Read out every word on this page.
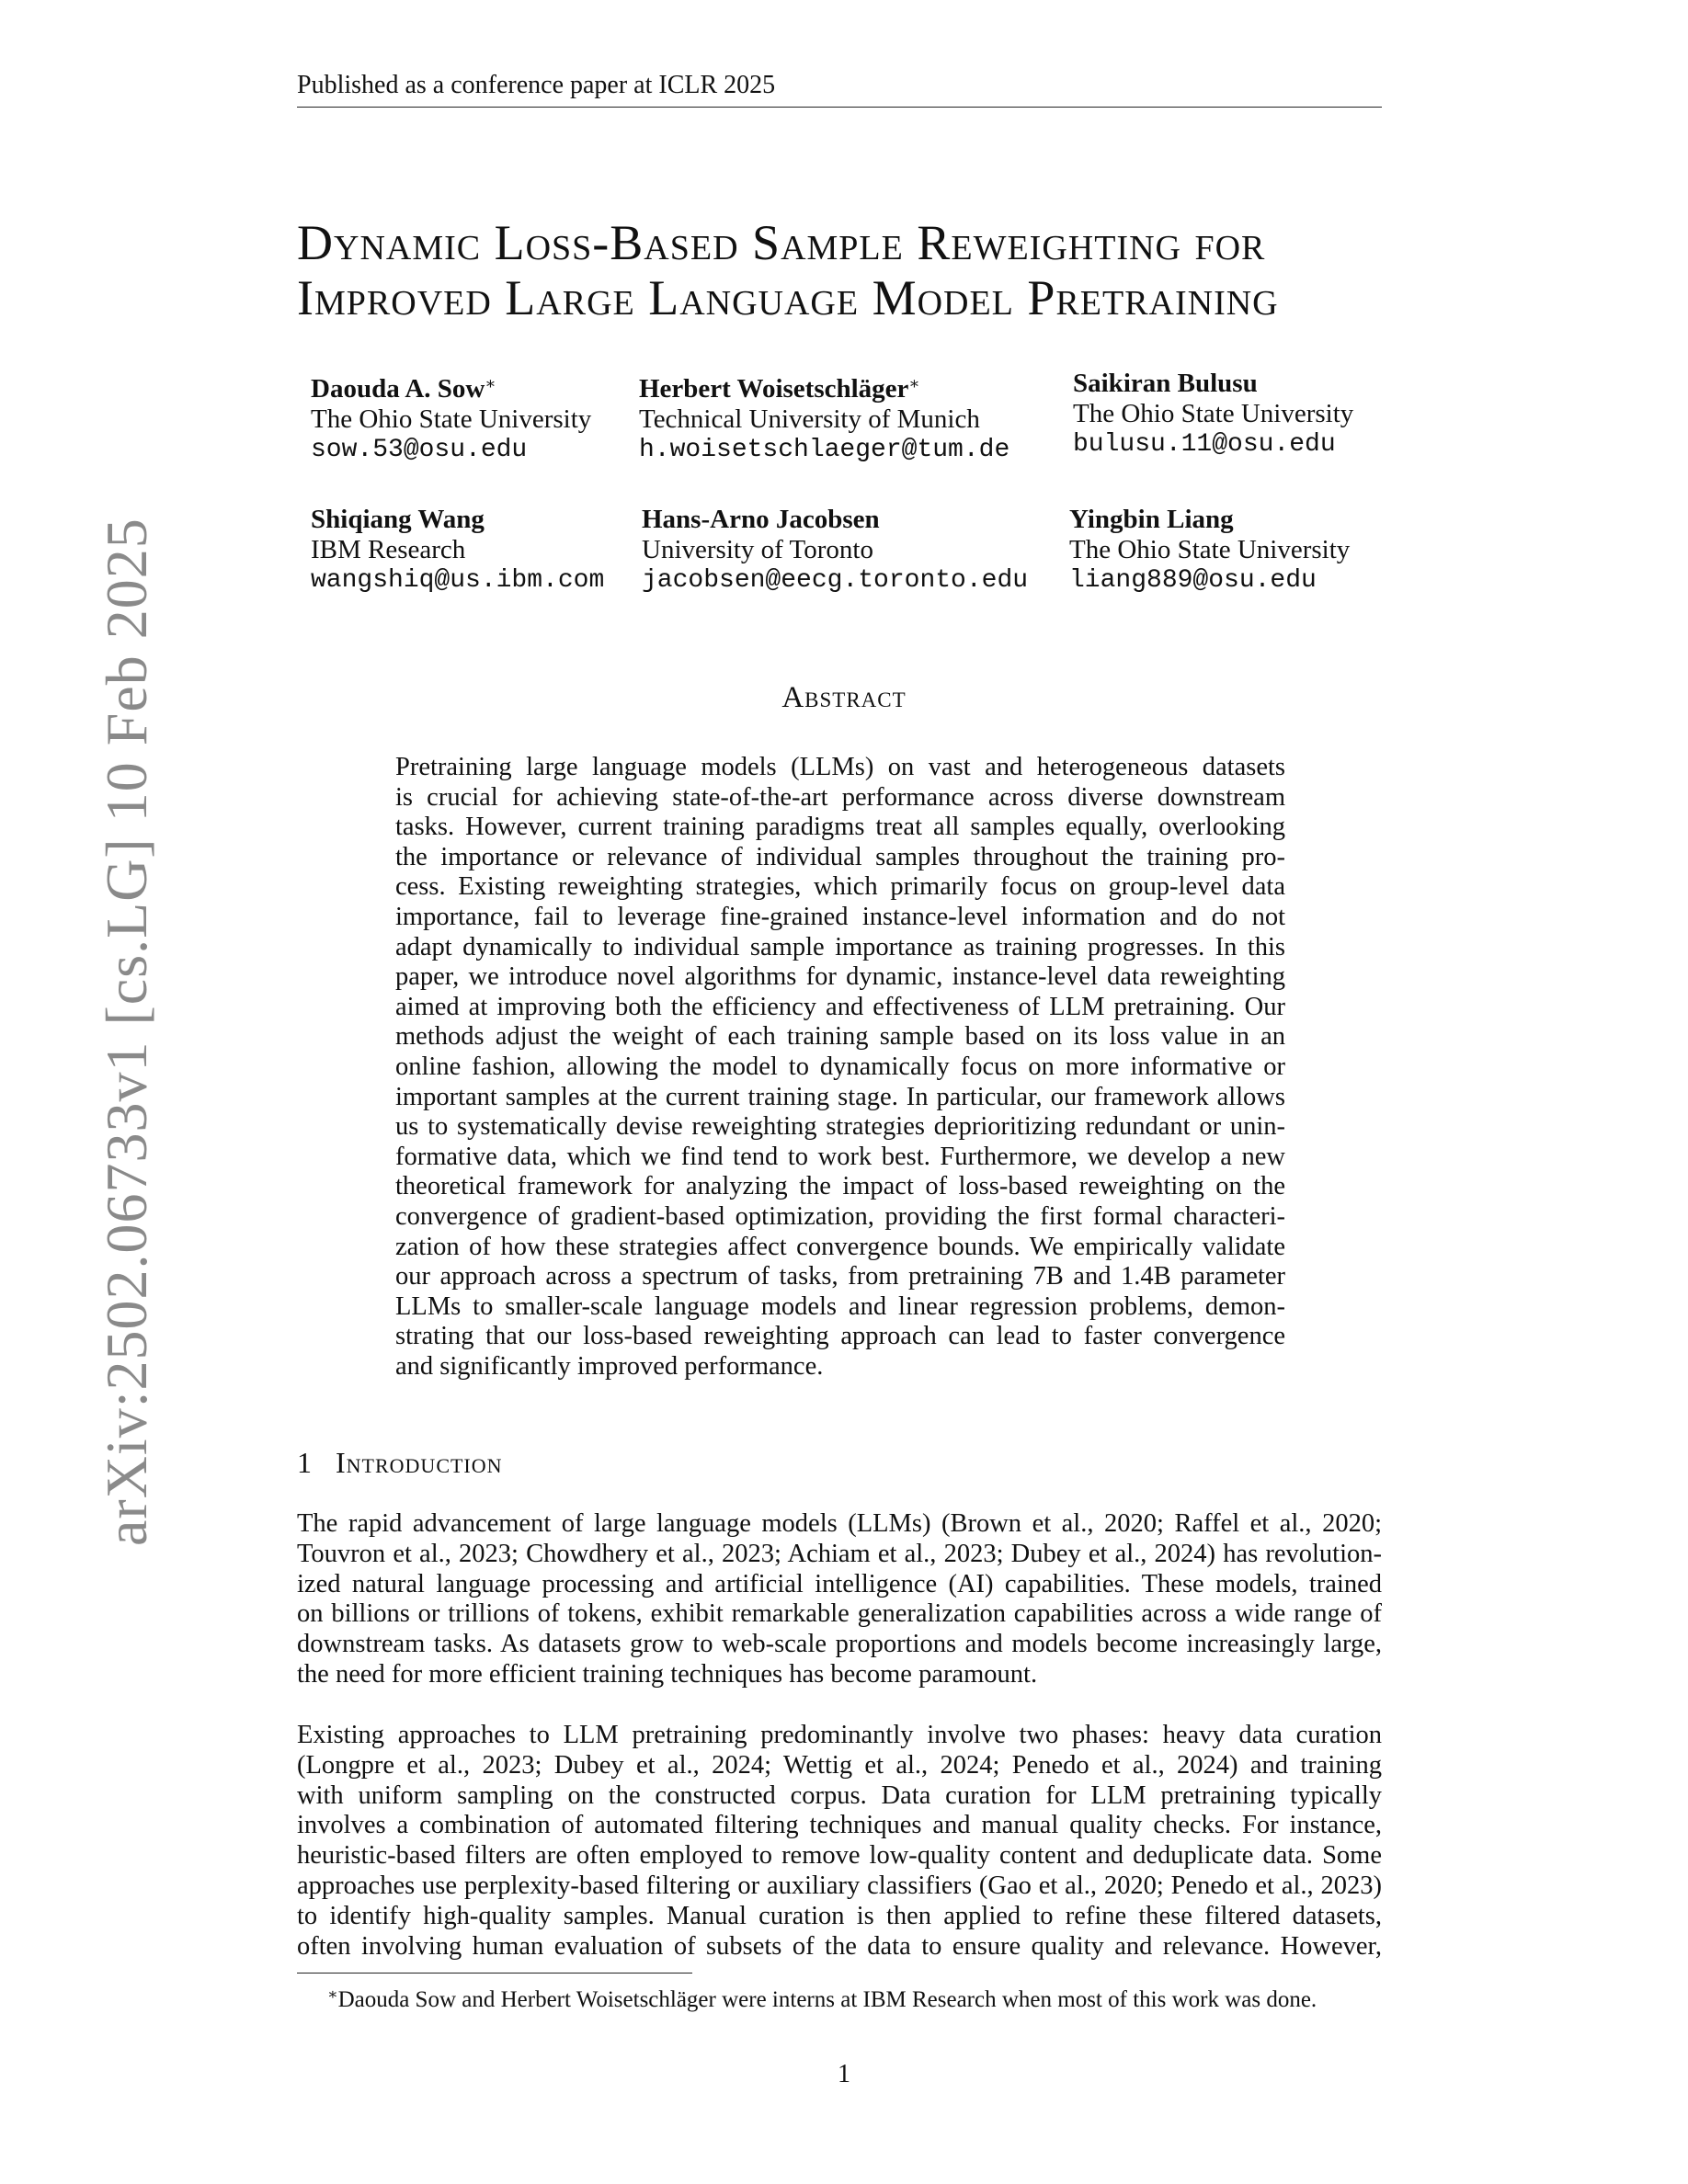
Published as a conference paper at ICLR 2025
arXiv:2502.06733v1 [cs.LG] 10 Feb 2025
Dynamic Loss-Based Sample Reweighting for
Improved Large Language Model Pretraining
Daouda A. Sow∗
The Ohio State University
sow.53@osu.edu
Herbert Woisetschläger∗
Technical University of Munich
h.woisetschlaeger@tum.de
Saikiran Bulusu
The Ohio State University
bulusu.11@osu.edu
Shiqiang Wang
IBM Research
wangshiq@us.ibm.com
Hans-Arno Jacobsen
University of Toronto
jacobsen@eecg.toronto.edu
Yingbin Liang
The Ohio State University
liang889@osu.edu
Abstract
Pretraining large language models (LLMs) on vast and heterogeneous datasets
is crucial for achieving state-of-the-art performance across diverse downstream
tasks. However, current training paradigms treat all samples equally, overlooking
the importance or relevance of individual samples throughout the training pro-
cess. Existing reweighting strategies, which primarily focus on group-level data
importance, fail to leverage fine-grained instance-level information and do not
adapt dynamically to individual sample importance as training progresses. In this
paper, we introduce novel algorithms for dynamic, instance-level data reweighting
aimed at improving both the efficiency and effectiveness of LLM pretraining. Our
methods adjust the weight of each training sample based on its loss value in an
online fashion, allowing the model to dynamically focus on more informative or
important samples at the current training stage. In particular, our framework allows
us to systematically devise reweighting strategies deprioritizing redundant or unin-
formative data, which we find tend to work best. Furthermore, we develop a new
theoretical framework for analyzing the impact of loss-based reweighting on the
convergence of gradient-based optimization, providing the first formal characteri-
zation of how these strategies affect convergence bounds. We empirically validate
our approach across a spectrum of tasks, from pretraining 7B and 1.4B parameter
LLMs to smaller-scale language models and linear regression problems, demon-
strating that our loss-based reweighting approach can lead to faster convergence
and significantly improved performance.
1 Introduction
The rapid advancement of large language models (LLMs) (Brown et al., 2020; Raffel et al., 2020;
Touvron et al., 2023; Chowdhery et al., 2023; Achiam et al., 2023; Dubey et al., 2024) has revolution-
ized natural language processing and artificial intelligence (AI) capabilities. These models, trained
on billions or trillions of tokens, exhibit remarkable generalization capabilities across a wide range of
downstream tasks. As datasets grow to web-scale proportions and models become increasingly large,
the need for more efficient training techniques has become paramount.
Existing approaches to LLM pretraining predominantly involve two phases: heavy data curation
(Longpre et al., 2023; Dubey et al., 2024; Wettig et al., 2024; Penedo et al., 2024) and training
with uniform sampling on the constructed corpus. Data curation for LLM pretraining typically
involves a combination of automated filtering techniques and manual quality checks. For instance,
heuristic-based filters are often employed to remove low-quality content and deduplicate data. Some
approaches use perplexity-based filtering or auxiliary classifiers (Gao et al., 2020; Penedo et al., 2023)
to identify high-quality samples. Manual curation is then applied to refine these filtered datasets,
often involving human evaluation of subsets of the data to ensure quality and relevance. However,
∗Daouda Sow and Herbert Woisetschläger were interns at IBM Research when most of this work was done.
1
